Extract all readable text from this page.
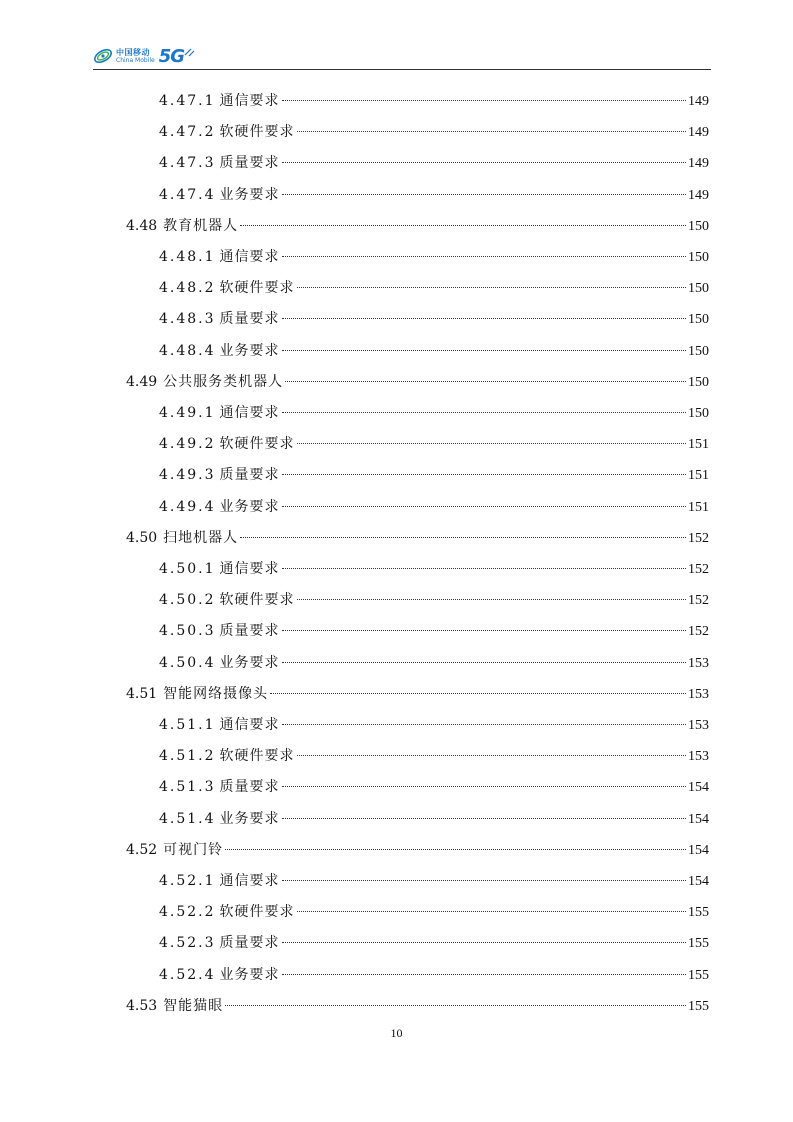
中国移动
China Mobile 5G
4.47.1 通信要求	149
4.47.2 软硬件要求	149
4.47.3 质量要求	149
4.47.4 业务要求	149
4.48 教育机器人	150
4.48.1 通信要求	150
4.48.2 软硬件要求	150
4.48.3 质量要求	150
4.48.4 业务要求	150
4.49 公共服务类机器人	150
4.49.1 通信要求	150
4.49.2 软硬件要求	151
4.49.3 质量要求	151
4.49.4 业务要求	151
4.50 扫地机器人	152
4.50.1 通信要求	152
4.50.2 软硬件要求	152
4.50.3 质量要求	152
4.50.4 业务要求	153
4.51 智能网络摄像头	153
4.51.1 通信要求	153
4.51.2 软硬件要求	153
4.51.3 质量要求	154
4.51.4 业务要求	154
4.52 可视门铃	154
4.52.1 通信要求	154
4.52.2 软硬件要求	155
4.52.3 质量要求	155
4.52.4 业务要求	155
4.53 智能猫眼	155
10
